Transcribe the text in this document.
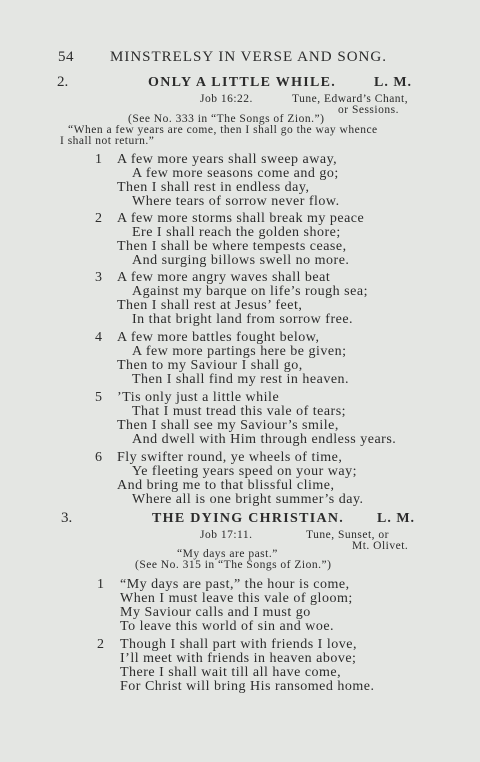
54 MINSTRELSY IN VERSE AND SONG.
2.	ONLY A LITTLE WHILE.	L. M.
Job 16:22.	Tune, Edward’s Chant,
or Sessions.
(See No. 333 in “The Songs of Zion.”)
“When a few years are come, then I shall go the way whence
I shall not return.”
1 A few more years shall sweep away,
A few more seasons come and go;
Then I shall rest in endless day,
Where tears of sorrow never flow.
2 A few more storms shall break my peace
Ere I shall reach the golden shore;
Then I shall be where tempests cease,
And surging billows swell no more.
3 A few more angry waves shall beat
Against my barque on life’s rough sea;
Then I shall rest at Jesus’ feet,
In that bright land from sorrow free.
4 A few more battles fought below,
A few more partings here be given;
Then to my Saviour I shall go,
Then I shall find my rest in heaven.
5 ’Tis only just a little while
That I must tread this vale of tears;
Then I shall see my Saviour’s smile,
And dwell with Him through endless years.
6 Fly swifter round, ye wheels of time,
Ye fleeting years speed on your way;
And bring me to that blissful clime,
Where all is one bright summer’s day.
3.	THE DYING CHRISTIAN. L. M.
Job 17:11.	Tune, Sunset, or
Mt. Olivet.
“My days are past.”
(See No. 315 in “The Songs of Zion.”)
1 “My days are past,” the hour is come,
When I must leave this vale of gloom;
My Saviour calls and I must go
To leave this world of sin and woe.
2 Though I shall part with friends I love,
I’ll meet with friends in heaven above;
There I shall wait till all have come,
For Christ will bring His ransomed home.
